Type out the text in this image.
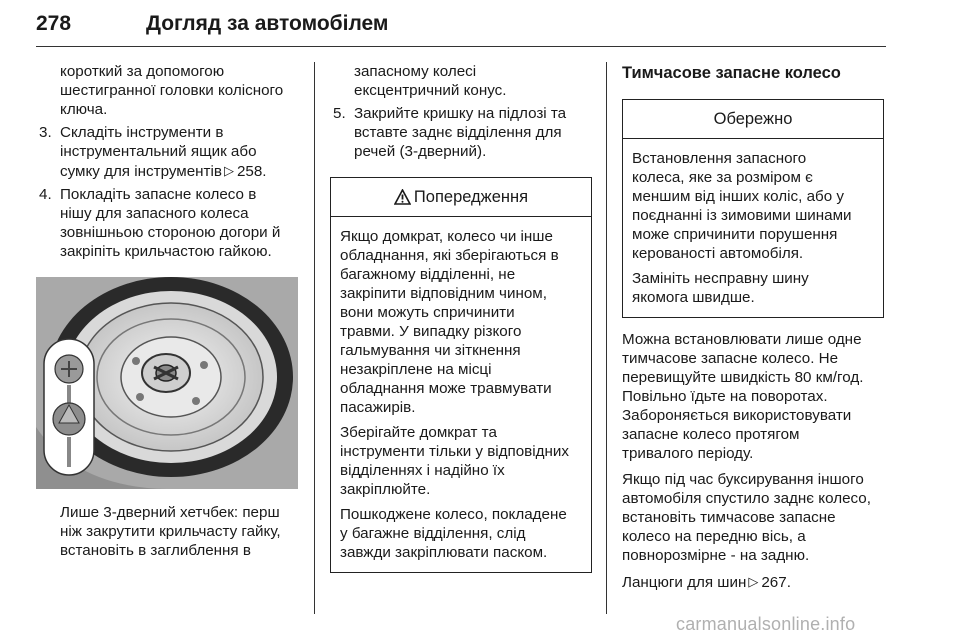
278	Догляд за автомобілем
короткий за допомогою
шестигранної головки колісного
ключа.
3. Складіть інструменти в
інструментальний ящик або
сумку для інструментів ▷ 258.
4. Покладіть запасне колесо в
нішу для запасного колеса
зовнішньою стороною догори й
закріпіть крильчастою гайкою.
Лише 3-дверний хетчбек: перш
ніж закрутити крильчасту гайку,
встановіть в заглиблення в
запасному колесі
ексцентричний конус.
5. Закрийте кришку на підлозі та
вставте заднє відділення для
речей (3-дверний).
Попередження

Якщо домкрат, колесо чи інше
обладнання, які зберігаються в
багажному відділенні, не
закріпити відповідним чином,
вони можуть спричинити
травми. У випадку різкого
гальмування чи зіткнення
незакріплене на місці
обладнання може травмувати
пасажирів.

Зберігайте домкрат та
інструменти тільки у відповідних
відділеннях і надійно їх
закріплюйте.

Пошкоджене колесо, покладене
у багажне відділення, слід
завжди закріплювати паском.

Тимчасове запасне колесо
Обережно

Встановлення запасного
колеса, яке за розміром є
меншим від інших коліс, або у
поєднанні із зимовими шинами
може спричинити порушення
керованості автомобіля.

Замініть несправну шину
якомога швидше.

Можна встановлювати лише одне
тимчасове запасне колесо. Не
перевищуйте швидкість 80 км/год.
Повільно їдьте на поворотах.
Забороняється використовувати
запасне колесо протягом
тривалого періоду.

Якщо під час буксирування іншого
автомобіля спустило заднє колесо,
встановіть тимчасове запасне
колесо на передню вісь, а
повнорозмірне - на задню.

Ланцюги для шин ▷ 267.

carmanualsonline.info
